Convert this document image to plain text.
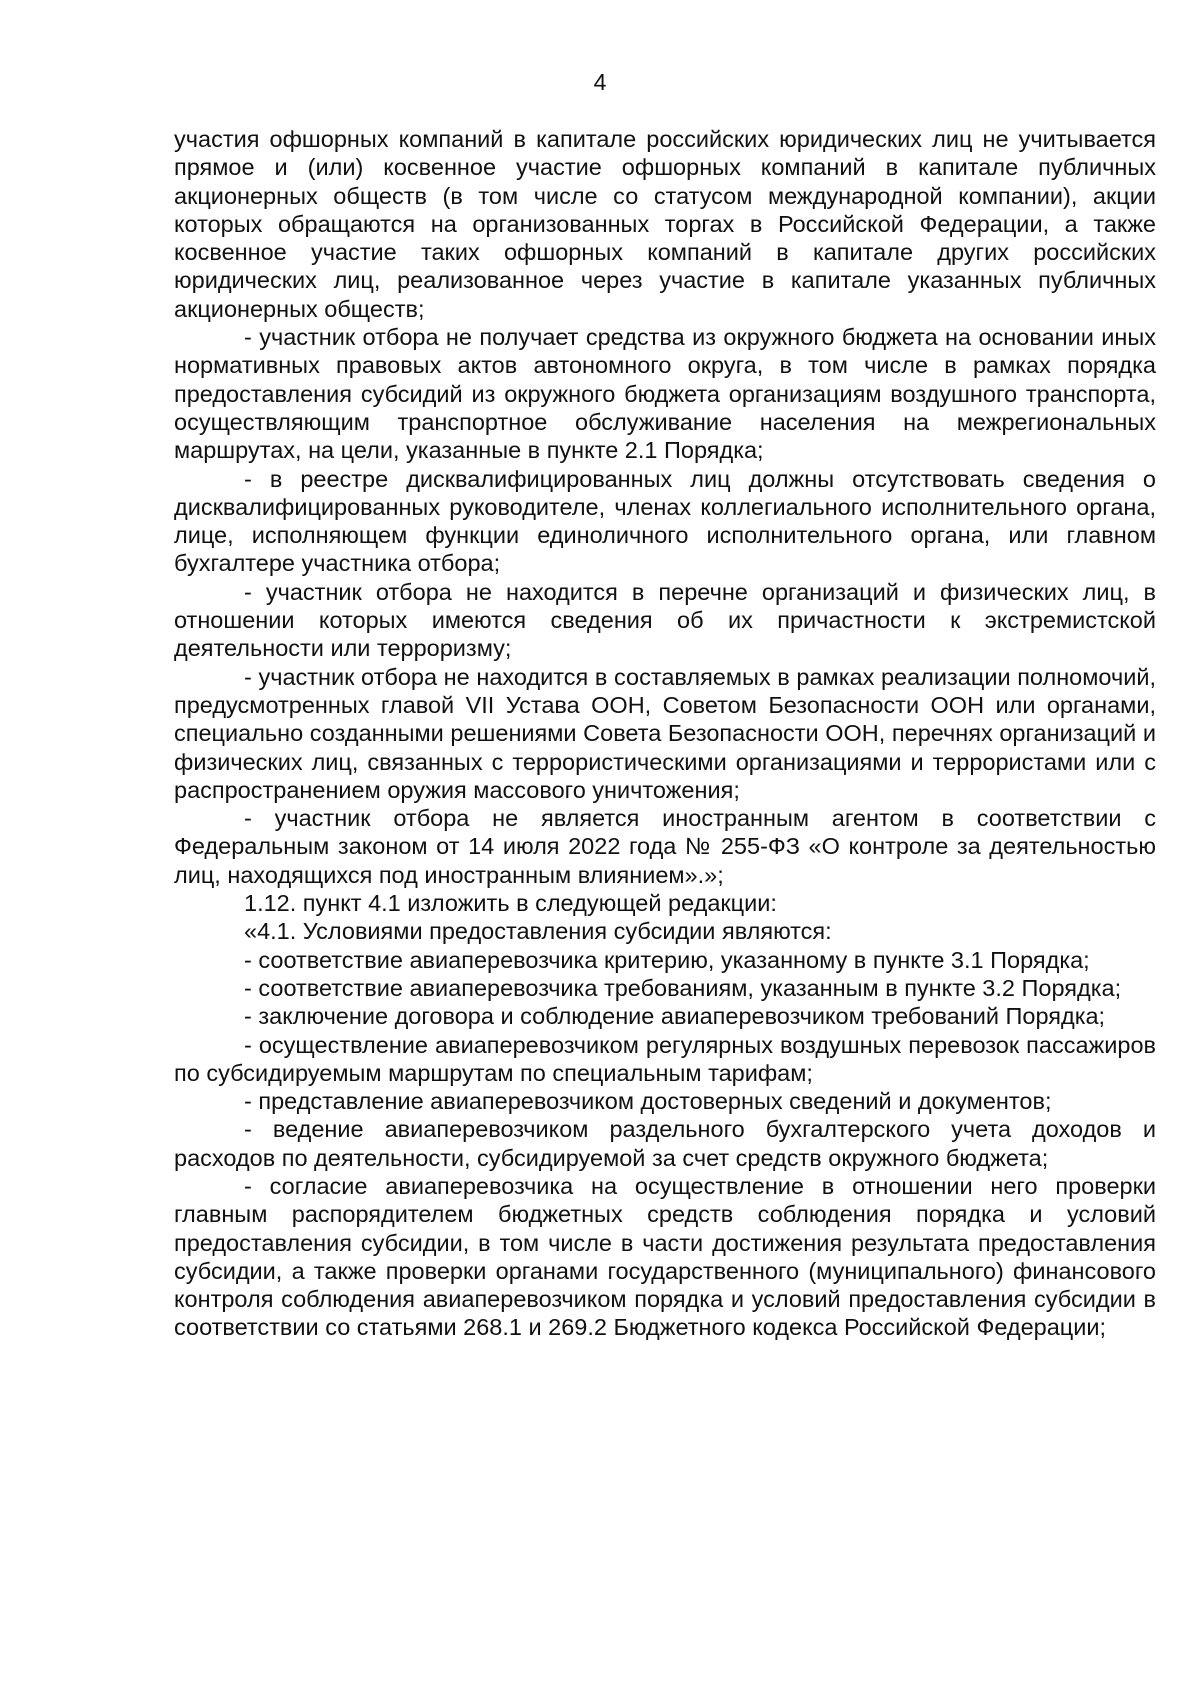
4

участия офшорных компаний в капитале российских юридических лиц не учитывается прямое и (или) косвенное участие офшорных компаний в капитале публичных акционерных обществ (в том числе со статусом международной компании), акции которых обращаются на организованных торгах в Российской Федерации, а также косвенное участие таких офшорных компаний в капитале других российских юридических лиц, реализованное через участие в капитале указанных публичных акционерных обществ;

- участник отбора не получает средства из окружного бюджета на основании иных нормативных правовых актов автономного округа, в том числе в рамках порядка предоставления субсидий из окружного бюджета организациям воздушного транспорта, осуществляющим транспортное обслуживание населения на межрегиональных маршрутах, на цели, указанные в пункте 2.1 Порядка;

- в реестре дисквалифицированных лиц должны отсутствовать сведения о дисквалифицированных руководителе, членах коллегиального исполнительного органа, лице, исполняющем функции единоличного исполнительного органа, или главном бухгалтере участника отбора;

- участник отбора не находится в перечне организаций и физических лиц, в отношении которых имеются сведения об их причастности к экстремистской деятельности или терроризму;

- участник отбора не находится в составляемых в рамках реализации полномочий, предусмотренных главой VII Устава ООН, Советом Безопасности ООН или органами, специально созданными решениями Совета Безопасности ООН, перечнях организаций и физических лиц, связанных с террористическими организациями и террористами или с распространением оружия массового уничтожения;

- участник отбора не является иностранным агентом в соответствии с Федеральным законом от 14 июля 2022 года № 255-ФЗ «О контроле за деятельностью лиц, находящихся под иностранным влиянием».»;

1.12. пункт 4.1 изложить в следующей редакции:

«4.1. Условиями предоставления субсидии являются:

- соответствие авиаперевозчика критерию, указанному в пункте 3.1 Порядка;

- соответствие авиаперевозчика требованиям, указанным в пункте 3.2 Порядка;

- заключение договора и соблюдение авиаперевозчиком требований Порядка;

- осуществление авиаперевозчиком регулярных воздушных перевозок пассажиров по субсидируемым маршрутам по специальным тарифам;

- представление авиаперевозчиком достоверных сведений и документов;

- ведение авиаперевозчиком раздельного бухгалтерского учета доходов и расходов по деятельности, субсидируемой за счет средств окружного бюджета;

- согласие авиаперевозчика на осуществление в отношении него проверки главным распорядителем бюджетных средств соблюдения порядка и условий предоставления субсидии, в том числе в части достижения результата предоставления субсидии, а также проверки органами государственного (муниципального) финансового контроля соблюдения авиаперевозчиком порядка и условий предоставления субсидии в соответствии со статьями 268.1 и 269.2 Бюджетного кодекса Российской Федерации;
